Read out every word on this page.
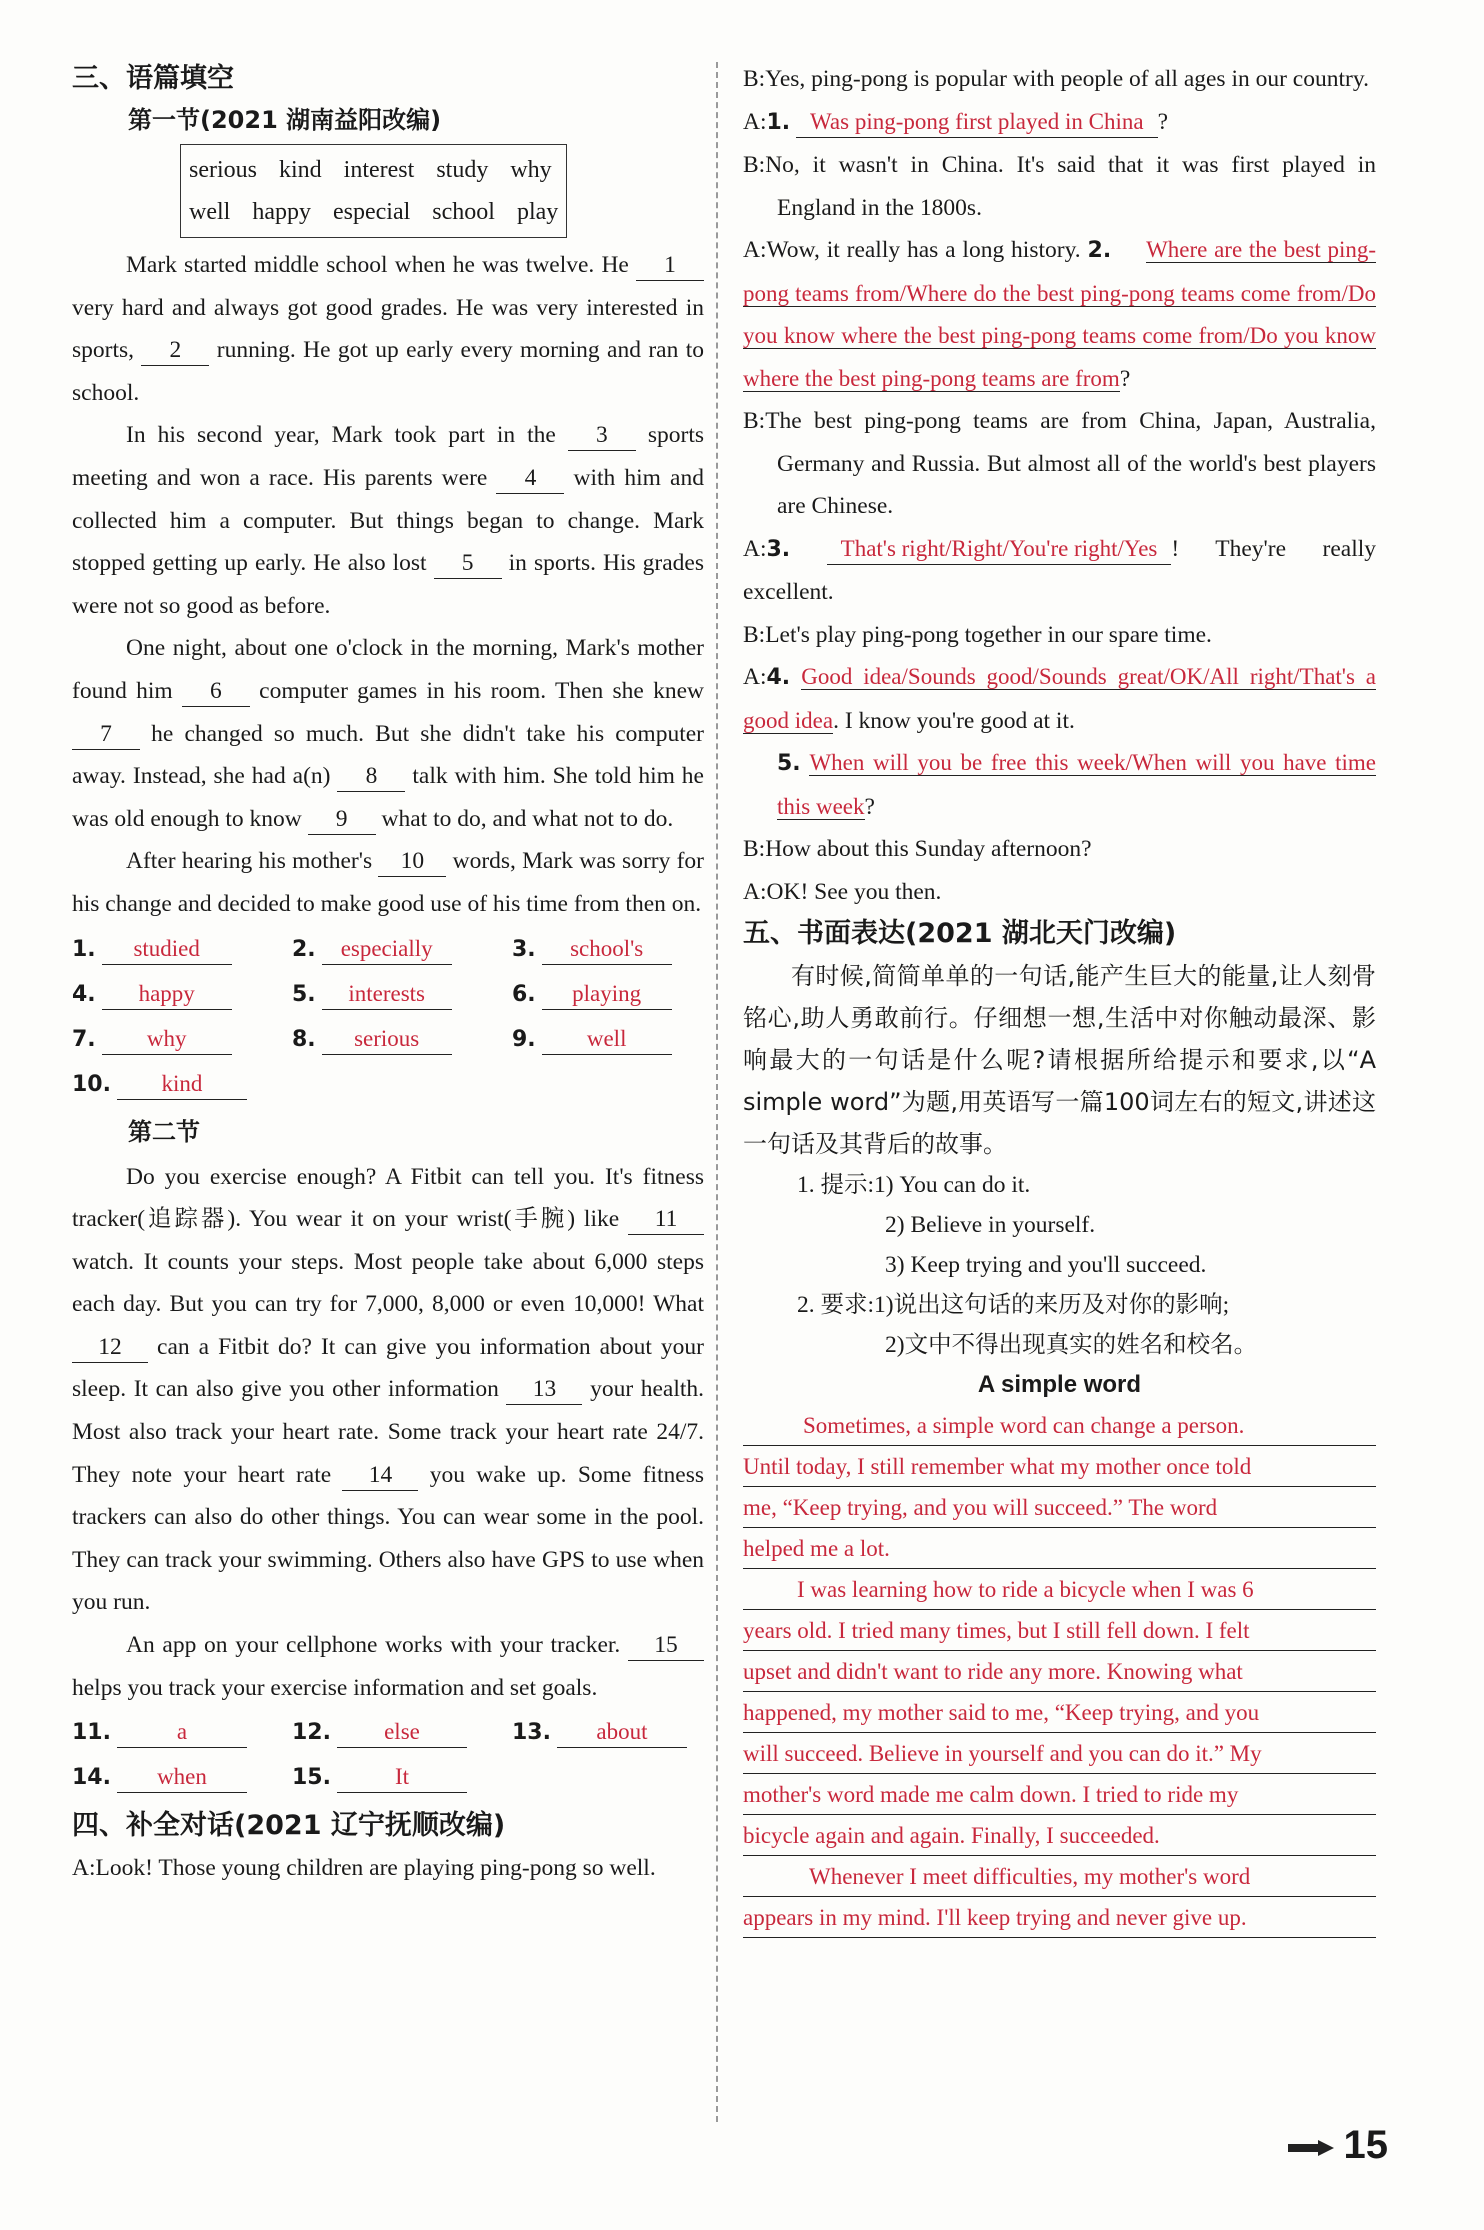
三、语篇填空
第一节(2021 湖南益阳改编)
serious kind interest study why
well happy especial school play

Mark started middle school when he was twelve. He 1 very hard and always got good grades. He was very interested in sports, 2 running. He got up early every morning and ran to school.

In his second year, Mark took part in the 3 sports meeting and won a race. His parents were 4 with him and collected him a computer. But things began to change. Mark stopped getting up early. He also lost 5 in sports. His grades were not so good as before.

One night, about one o'clock in the morning, Mark's mother found him 6 computer games in his room. Then she knew 7 he changed so much. But she didn't take his computer away. Instead, she had a(n) 8 talk with him. She told him he was old enough to know 9 what to do, and what not to do.

After hearing his mother's 10 words, Mark was sorry for his change and decided to make good use of his time from then on.

1. studied	2. especially	3. school's
4. happy	5. interests	6. playing
7. why	8. serious	9. well
10. kind
第二节

Do you exercise enough? A Fitbit can tell you. It's fitness tracker(追踪器). You wear it on your wrist(手腕) like 11 watch. It counts your steps. Most people take about 6,000 steps each day. But you can try for 7,000, 8,000 or even 10,000! What 12 can a Fitbit do? It can give you information about your sleep. It can also give you other information 13 your health. Most also track your heart rate. Some track your heart rate 24/7. They note your heart rate 14 you wake up. Some fitness trackers can also do other things. You can wear some in the pool. They can track your swimming. Others also have GPS to use when you run.

An app on your cellphone works with your tracker. 15 helps you track your exercise information and set goals.

11.	a	12. else	13. about
14. when	15.	It
四、补全对话(2021 辽宁抚顺改编)
A:Look! Those young children are playing ping-pong so well.
B:Yes, ping-pong is popular with people of all ages in our country.
A:1. Was ping-pong first played in China ?
B:No, it wasn't in China. It's said that it was first played in England in the 1800s.
A:Wow, it really has a long history. 2. Where are the best ping-pong teams from/Where do the best ping-pong teams come from/Do you know where the best ping-pong teams come from/Do you know where the best ping-pong teams are from?
B:The best ping-pong teams are from China, Japan, Australia, Germany and Russia. But almost all of the world's best players are Chinese.
A:3. That's right/Right/You're right/Yes ! They're really excellent.
B:Let's play ping-pong together in our spare time.
A:4. Good idea/Sounds good/Sounds great/OK/All right/That's a good idea. I know you're good at it.
5. When will you be free this week/When will you have time this week?
B:How about this Sunday afternoon?
A:OK! See you then.
五、书面表达(2021 湖北天门改编)

有时候,简简单单的一句话,能产生巨大的能量,让人刻骨铭心,助人勇敢前行。仔细想一想,生活中对你触动最深、影响最大的一句话是什么呢?请根据所给提示和要求,以“A simple word”为题,用英语写一篇100词左右的短文,讲述这一句话及其背后的故事。

1. 提示:1) You can do it.

2) Believe in yourself.

3) Keep trying and you'll succeed.

2. 要求:1)说出这句话的来历及对你的影响;

2)文中不得出现真实的姓名和校名。

A simple word

Sometimes, a simple word can change a person.

Until today, I still remember what my mother once told

me, “Keep trying, and you will succeed.” The word

helped me a lot.

I was learning how to ride a bicycle when I was 6

years old. I tried many times, but I still fell down. I felt

upset and didn't want to ride any more. Knowing what

happened, my mother said to me, “Keep trying, and you

will succeed. Believe in yourself and you can do it.” My

mother's word made me calm down. I tried to ride my

bicycle again and again. Finally, I succeeded.

Whenever I meet difficulties, my mother's word

appears in my mind. I'll keep trying and never give up.

15
